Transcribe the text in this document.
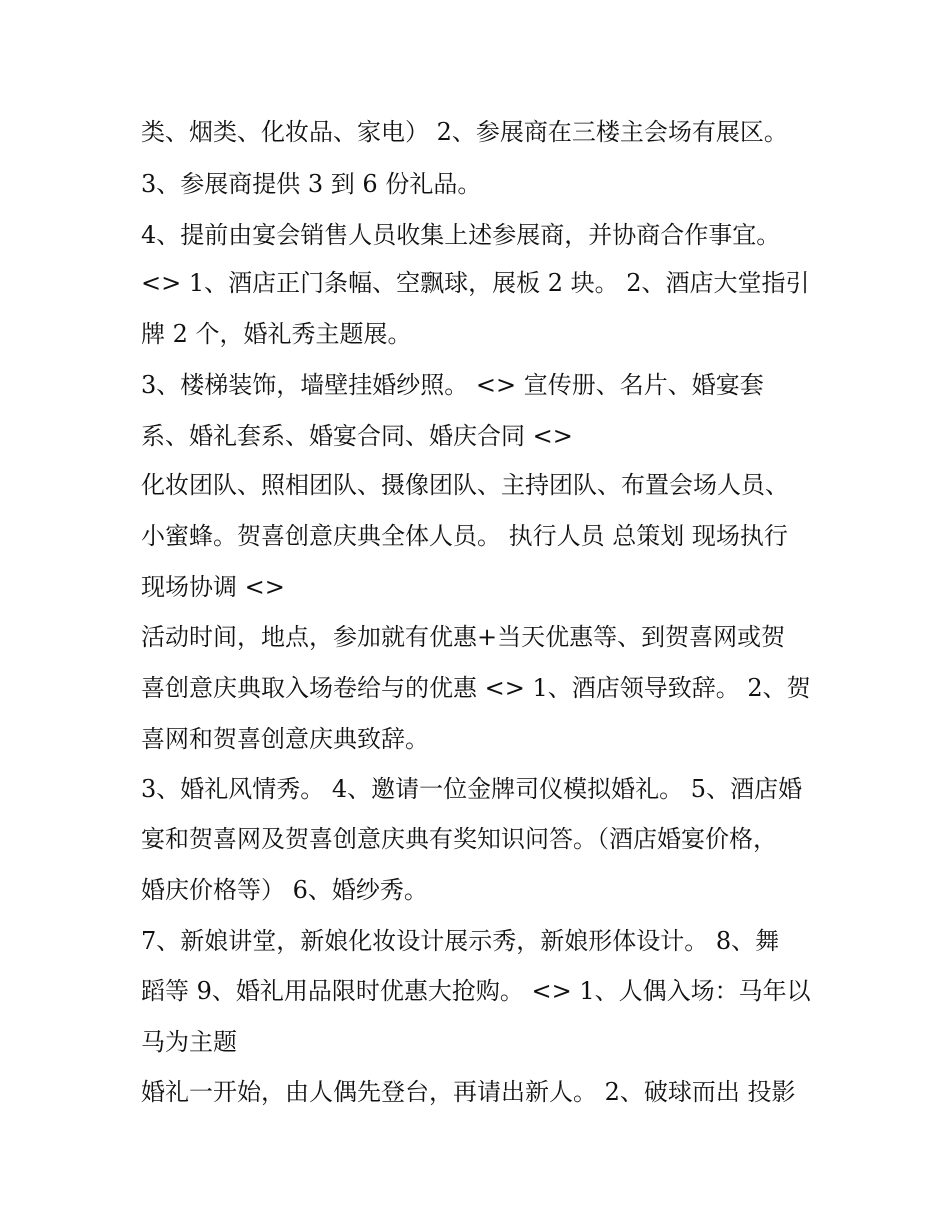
类、烟类、化妆品、家电） 2、参展商在三楼主会场有展区。
3、参展商提供 3 到 6 份礼品。
4、提前由宴会销售人员收集上述参展商，并协商合作事宜。
<> 1、酒店正门条幅、空飘球，展板 2 块。 2、酒店大堂指引
牌 2 个，婚礼秀主题展。
3、楼梯装饰，墙壁挂婚纱照。 <> 宣传册、名片、婚宴套
系、婚礼套系、婚宴合同、婚庆合同 <>
化妆团队、照相团队、摄像团队、主持团队、布置会场人员、
小蜜蜂。贺喜创意庆典全体人员。 执行人员 总策划 现场执行
现场协调 <>
活动时间，地点，参加就有优惠+当天优惠等、到贺喜网或贺
喜创意庆典取入场卷给与的优惠 <> 1、酒店领导致辞。 2、贺
喜网和贺喜创意庆典致辞。
3、婚礼风情秀。 4、邀请一位金牌司仪模拟婚礼。 5、酒店婚
宴和贺喜网及贺喜创意庆典有奖知识问答。（酒店婚宴价格，
婚庆价格等） 6、婚纱秀。
7、新娘讲堂，新娘化妆设计展示秀，新娘形体设计。 8、舞
蹈等 9、婚礼用品限时优惠大抢购。 <> 1、人偶入场：马年以
马为主题
婚礼一开始，由人偶先登台，再请出新人。 2、破球而出 投影
